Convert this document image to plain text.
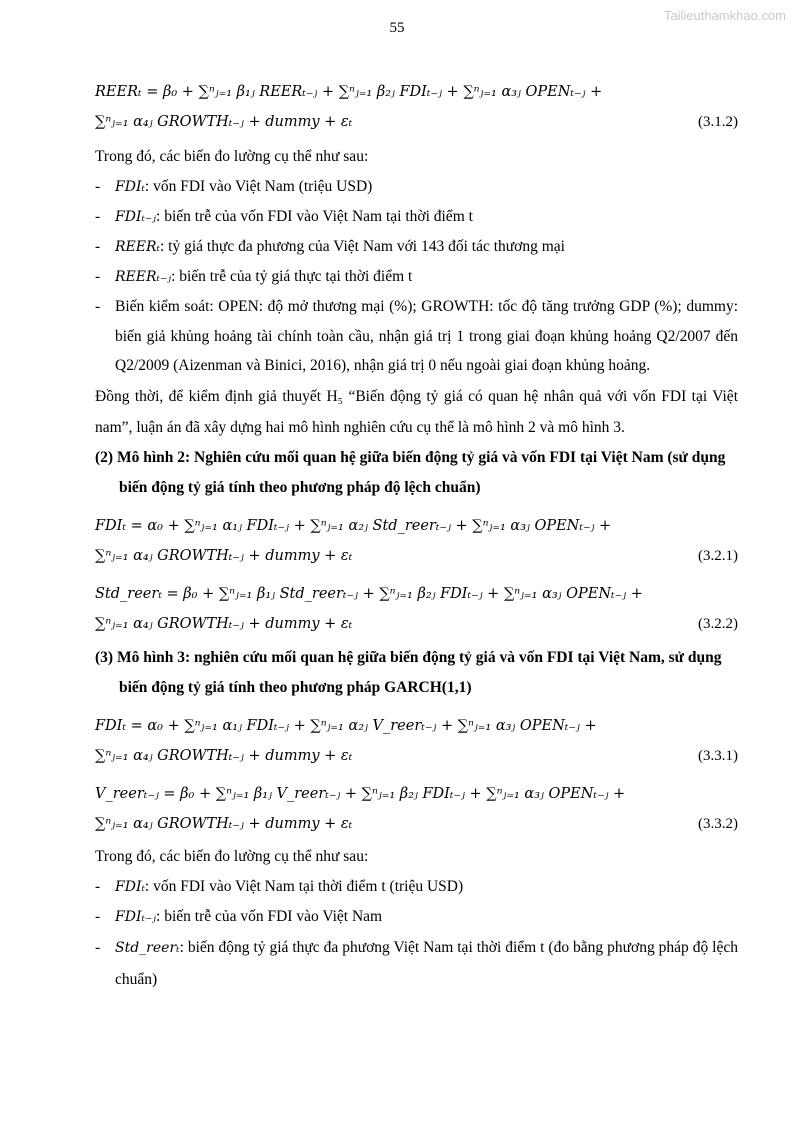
Tailieuthamkhao.com
55
REERₜ = β₀ + ∑ⁿⱼ₌₁ β₁ⱼ REERₜ₋ⱼ + ∑ⁿⱼ₌₁ β₂ⱼ FDIₜ₋ⱼ + ∑ⁿⱼ₌₁ α₃ⱼ OPENₜ₋ⱼ +
(3.1.2)
∑ⁿⱼ₌₁ α₄ⱼ GROWTHₜ₋ⱼ + dummy + εₜ
Trong đó, các biến đo lường cụ thể như sau:
- FDIₜ: vốn FDI vào Việt Nam (triệu USD)
- FDIₜ₋ⱼ: biến trễ của vốn FDI vào Việt Nam tại thời điểm t
- REERₜ: tỷ giá thực đa phương của Việt Nam với 143 đối tác thương mại
- REERₜ₋ⱼ: biến trễ của tỷ giá thực tại thời điểm t
- Biến kiểm soát: OPEN: độ mở thương mại (%); GROWTH: tốc độ tăng trưởng GDP (%); dummy: biến giả khủng hoảng tài chính toàn cầu, nhận giá trị 1 trong giai đoạn khủng hoảng Q2/2007 đến Q2/2009 (Aizenman và Binici, 2016), nhận giá trị 0 nếu ngoài giai đoạn khủng hoảng.
Đồng thời, để kiểm định giả thuyết H₅ “Biến động tỷ giá có quan hệ nhân quả với vốn FDI tại Việt nam”, luận án đã xây dựng hai mô hình nghiên cứu cụ thể là mô hình 2 và mô hình 3.
(2) Mô hình 2: Nghiên cứu mối quan hệ giữa biến động tỷ giá và vốn FDI tại Việt Nam (sử dụng biến động tỷ giá tính theo phương pháp độ lệch chuẩn)
FDIₜ = α₀ + ∑ⁿⱼ₌₁ α₁ⱼ FDIₜ₋ⱼ + ∑ⁿⱼ₌₁ α₂ⱼ Std_reerₜ₋ⱼ + ∑ⁿⱼ₌₁ α₃ⱼ OPENₜ₋ⱼ +
(3.2.1)
∑ⁿⱼ₌₁ α₄ⱼ GROWTHₜ₋ⱼ + dummy + εₜ
Std_reerₜ = β₀ + ∑ⁿⱼ₌₁ β₁ⱼ Std_reerₜ₋ⱼ + ∑ⁿⱼ₌₁ β₂ⱼ FDIₜ₋ⱼ + ∑ⁿⱼ₌₁ α₃ⱼ OPENₜ₋ⱼ +
(3.2.2)
∑ⁿⱼ₌₁ α₄ⱼ GROWTHₜ₋ⱼ + dummy + εₜ
(3) Mô hình 3: nghiên cứu mối quan hệ giữa biến động tỷ giá và vốn FDI tại Việt Nam, sử dụng biến động tỷ giá tính theo phương pháp GARCH(1,1)
FDIₜ = α₀ + ∑ⁿⱼ₌₁ α₁ⱼ FDIₜ₋ⱼ + ∑ⁿⱼ₌₁ α₂ⱼ V_reerₜ₋ⱼ + ∑ⁿⱼ₌₁ α₃ⱼ OPENₜ₋ⱼ +
(3.3.1)
∑ⁿⱼ₌₁ α₄ⱼ GROWTHₜ₋ⱼ + dummy + εₜ
V_reerₜ₋ⱼ = β₀ + ∑ⁿⱼ₌₁ β₁ⱼ V_reerₜ₋ⱼ + ∑ⁿⱼ₌₁ β₂ⱼ FDIₜ₋ⱼ + ∑ⁿⱼ₌₁ α₃ⱼ OPENₜ₋ⱼ +
(3.3.2)
∑ⁿⱼ₌₁ α₄ⱼ GROWTHₜ₋ⱼ + dummy + εₜ
Trong đó, các biến đo lường cụ thể như sau:
- FDIₜ: vốn FDI vào Việt Nam tại thời điểm t (triệu USD)
- FDIₜ₋ⱼ: biến trễ của vốn FDI vào Việt Nam
- Std_reerₜ: biến động tỷ giá thực đa phương Việt Nam tại thời điểm t (đo bằng phương pháp độ lệch chuẩn)
